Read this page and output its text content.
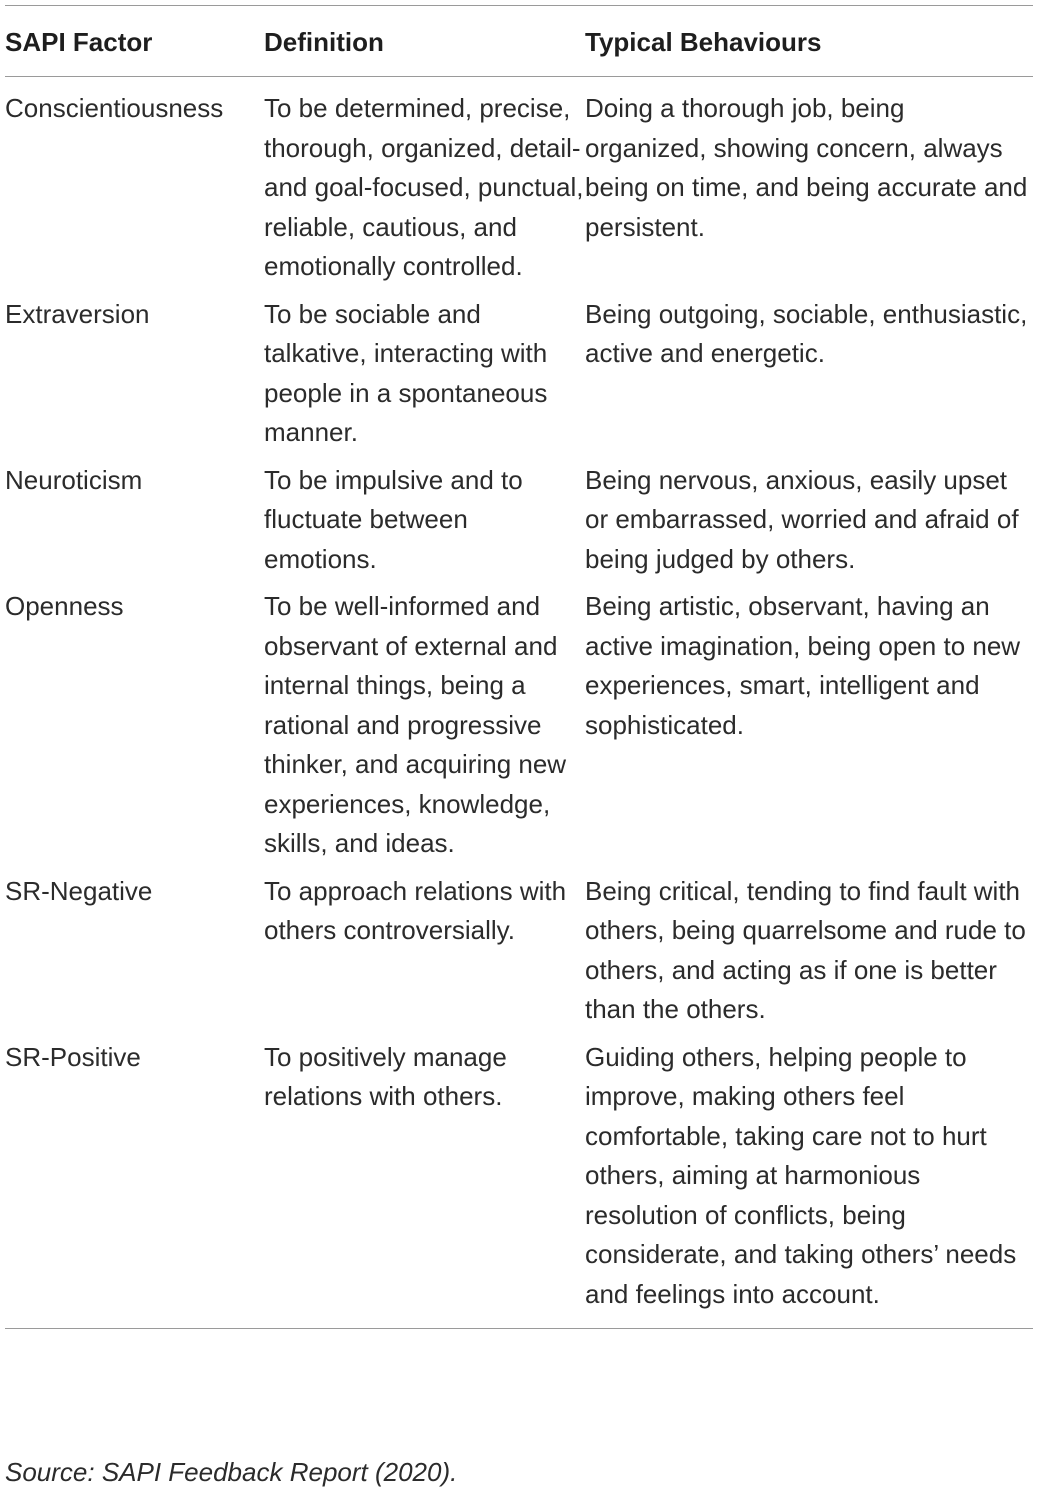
SAPI Factor	Definition	Typical Behaviours
Conscientiousness	To be determined, precise, thorough, organized, detail- and goal-focused, punctual, reliable, cautious, and emotionally controlled.	Doing a thorough job, being organized, showing concern, always being on time, and being accurate and persistent.
Extraversion	To be sociable and talkative, interacting with people in a spontaneous manner.	Being outgoing, sociable, enthusiastic, active and energetic.
Neuroticism	To be impulsive and to fluctuate between emotions.	Being nervous, anxious, easily upset or embarrassed, worried and afraid of being judged by others.
Openness	To be well-informed and observant of external and internal things, being a rational and progressive thinker, and acquiring new experiences, knowledge, skills, and ideas.	Being artistic, observant, having an active imagination, being open to new experiences, smart, intelligent and sophisticated.
SR-Negative	To approach relations with others controversially.	Being critical, tending to find fault with others, being quarrelsome and rude to others, and acting as if one is better than the others.
SR-Positive	To positively manage relations with others.	Guiding others, helping people to improve, making others feel comfortable, taking care not to hurt others, aiming at harmonious resolution of conflicts, being considerate, and taking others’ needs and feelings into account.
Source: SAPI Feedback Report (2020).
